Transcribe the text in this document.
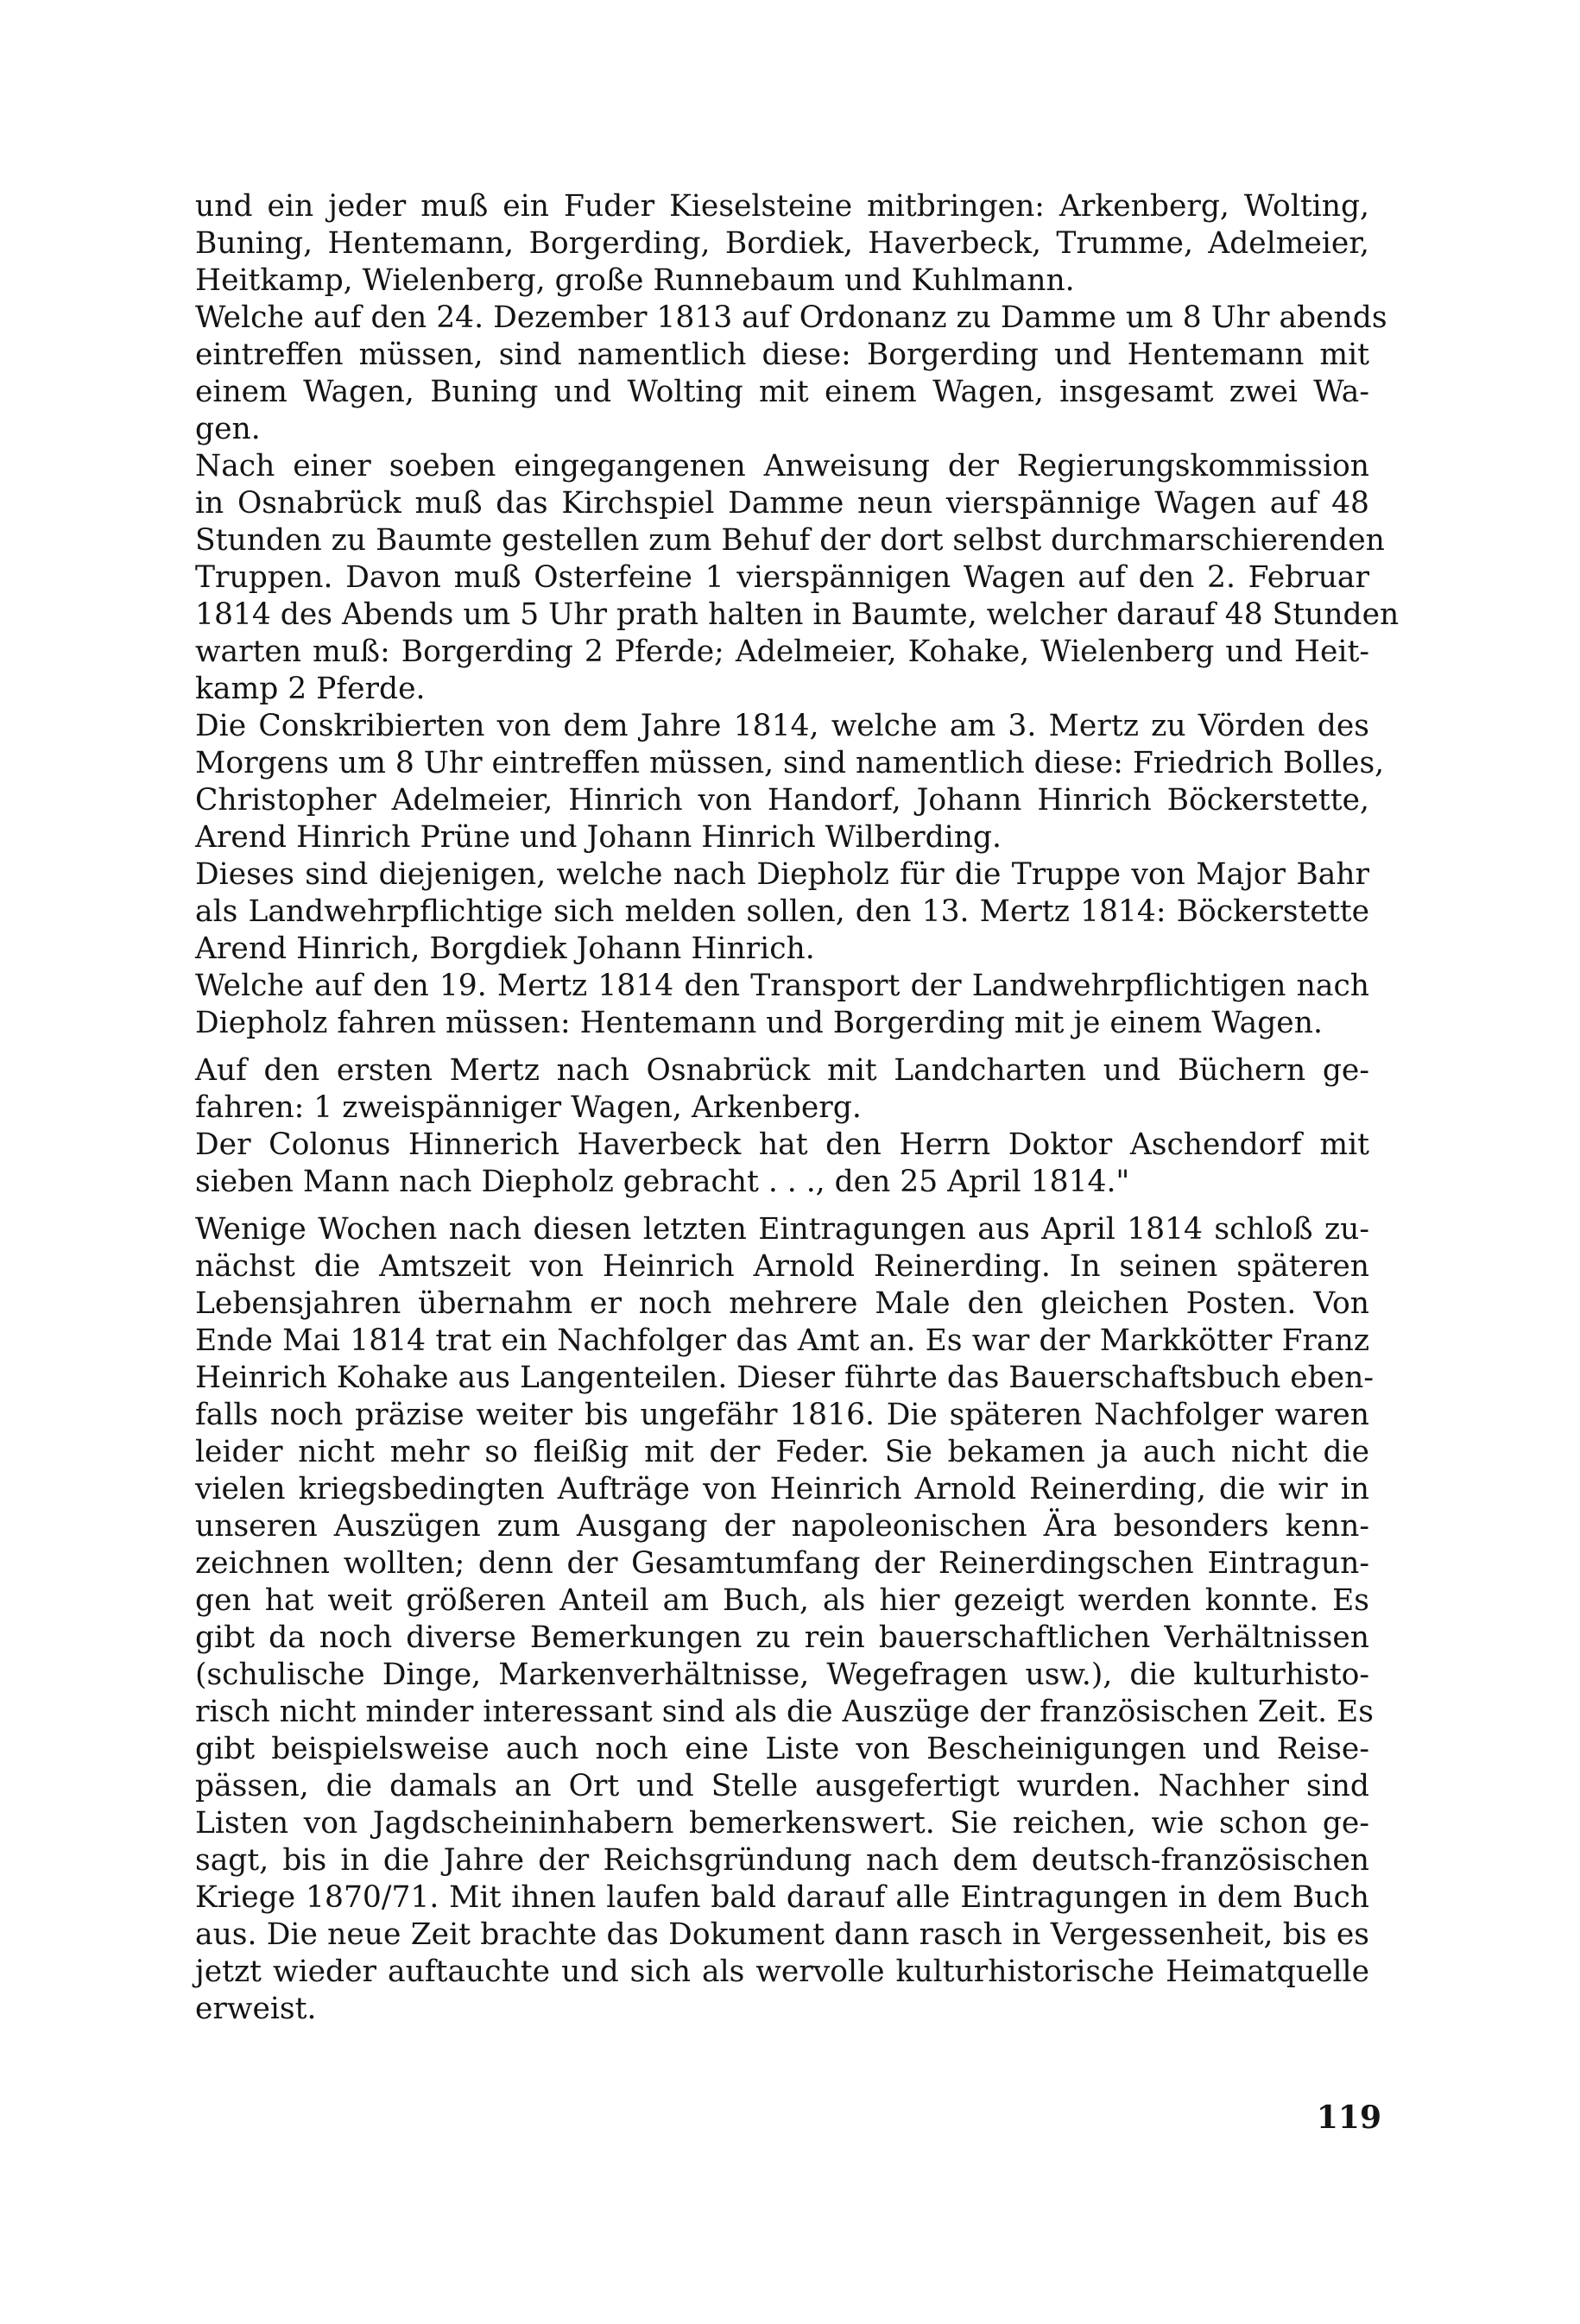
und ein jeder muß ein Fuder Kieselsteine mitbringen: Arkenberg, Wolting,
Buning, Hentemann, Borgerding, Bordiek, Haverbeck, Trumme, Adelmeier,
Heitkamp, Wielenberg, große Runnebaum und Kuhlmann.
Welche auf den 24. Dezember 1813 auf Ordonanz zu Damme um 8 Uhr abends
eintreffen müssen, sind namentlich diese: Borgerding und Hentemann mit
einem Wagen, Buning und Wolting mit einem Wagen, insgesamt zwei Wa-
gen.
Nach einer soeben eingegangenen Anweisung der Regierungskommission
in Osnabrück muß das Kirchspiel Damme neun vierspännige Wagen auf 48
Stunden zu Baumte gestellen zum Behuf der dort selbst durchmarschierenden
Truppen. Davon muß Osterfeine 1 vierspännigen Wagen auf den 2. Februar
1814 des Abends um 5 Uhr prath halten in Baumte, welcher darauf 48 Stunden
warten muß: Borgerding 2 Pferde; Adelmeier, Kohake, Wielenberg und Heit-
kamp 2 Pferde.
Die Conskribierten von dem Jahre 1814, welche am 3. Mertz zu Vörden des
Morgens um 8 Uhr eintreffen müssen, sind namentlich diese: Friedrich Bolles,
Christopher Adelmeier, Hinrich von Handorf, Johann Hinrich Böckerstette,
Arend Hinrich Prüne und Johann Hinrich Wilberding.
Dieses sind diejenigen, welche nach Diepholz für die Truppe von Major Bahr
als Landwehrpflichtige sich melden sollen, den 13. Mertz 1814: Böckerstette
Arend Hinrich, Borgdiek Johann Hinrich.
Welche auf den 19. Mertz 1814 den Transport der Landwehrpflichtigen nach
Diepholz fahren müssen: Hentemann und Borgerding mit je einem Wagen.
Auf den ersten Mertz nach Osnabrück mit Landcharten und Büchern ge-
fahren: 1 zweispänniger Wagen, Arkenberg.
Der Colonus Hinnerich Haverbeck hat den Herrn Doktor Aschendorf mit
sieben Mann nach Diepholz gebracht . . ., den 25 April 1814."
Wenige Wochen nach diesen letzten Eintragungen aus April 1814 schloß zu-
nächst die Amtszeit von Heinrich Arnold Reinerding. In seinen späteren
Lebensjahren übernahm er noch mehrere Male den gleichen Posten. Von
Ende Mai 1814 trat ein Nachfolger das Amt an. Es war der Markkötter Franz
Heinrich Kohake aus Langenteilen. Dieser führte das Bauerschaftsbuch eben-
falls noch präzise weiter bis ungefähr 1816. Die späteren Nachfolger waren
leider nicht mehr so fleißig mit der Feder. Sie bekamen ja auch nicht die
vielen kriegsbedingten Aufträge von Heinrich Arnold Reinerding, die wir in
unseren Auszügen zum Ausgang der napoleonischen Ära besonders kenn-
zeichnen wollten; denn der Gesamtumfang der Reinerdingschen Eintragun-
gen hat weit größeren Anteil am Buch, als hier gezeigt werden konnte. Es
gibt da noch diverse Bemerkungen zu rein bauerschaftlichen Verhältnissen
(schulische Dinge, Markenverhältnisse, Wegefragen usw.), die kulturhisto-
risch nicht minder interessant sind als die Auszüge der französischen Zeit. Es
gibt beispielsweise auch noch eine Liste von Bescheinigungen und Reise-
pässen, die damals an Ort und Stelle ausgefertigt wurden. Nachher sind
Listen von Jagdscheininhabern bemerkenswert. Sie reichen, wie schon ge-
sagt, bis in die Jahre der Reichsgründung nach dem deutsch-französischen
Kriege 1870/71. Mit ihnen laufen bald darauf alle Eintragungen in dem Buch
aus. Die neue Zeit brachte das Dokument dann rasch in Vergessenheit, bis es
jetzt wieder auftauchte und sich als wervolle kulturhistorische Heimatquelle
erweist.
119
